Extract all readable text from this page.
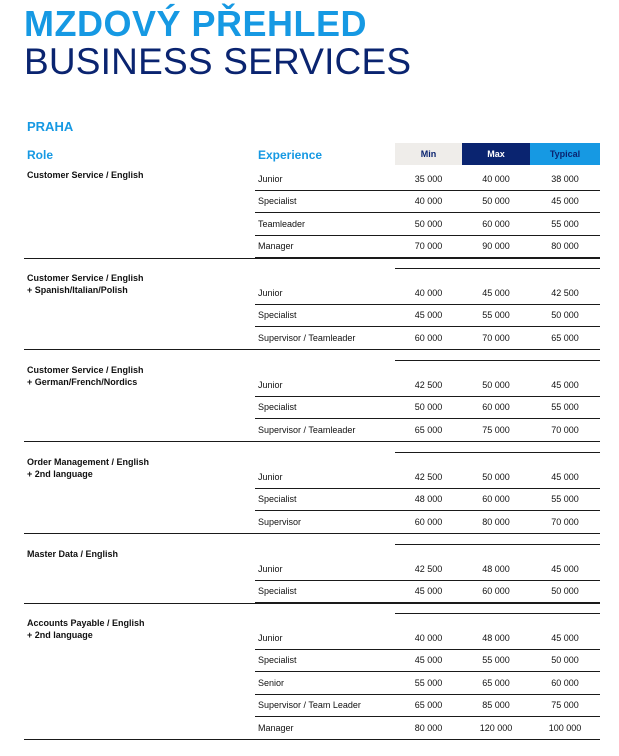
MZDOVÝ PŘEHLED
BUSINESS SERVICES
PRAHA
Role	Experience	Min	Max	Typical
Customer Service / English	Junior	35 000	40 000	38 000
Specialist	40 000	50 000	45 000
Teamleader	50 000	60 000	55 000
Manager	70 000	90 000	80 000
Customer Service / English
+ Spanish/Italian/Polish	Junior	40 000	45 000	42 500
Specialist	45 000	55 000	50 000
Supervisor / Teamleader	60 000	70 000	65 000
Customer Service / English
+ German/French/Nordics	Junior	42 500	50 000	45 000
Specialist	50 000	60 000	55 000
Supervisor / Teamleader	65 000	75 000	70 000
Order Management / English
+ 2nd language	Junior	42 500	50 000	45 000
Specialist	48 000	60 000	55 000
Supervisor	60 000	80 000	70 000
Master Data / English
Junior	42 500	48 000	45 000
Specialist	45 000	60 000	50 000
Accounts Payable / English
+ 2nd language	Junior	40 000	48 000	45 000
Specialist	45 000	55 000	50 000
Senior	55 000	65 000	60 000
Supervisor / Team Leader	65 000	85 000	75 000
Manager	80 000	120 000	100 000
